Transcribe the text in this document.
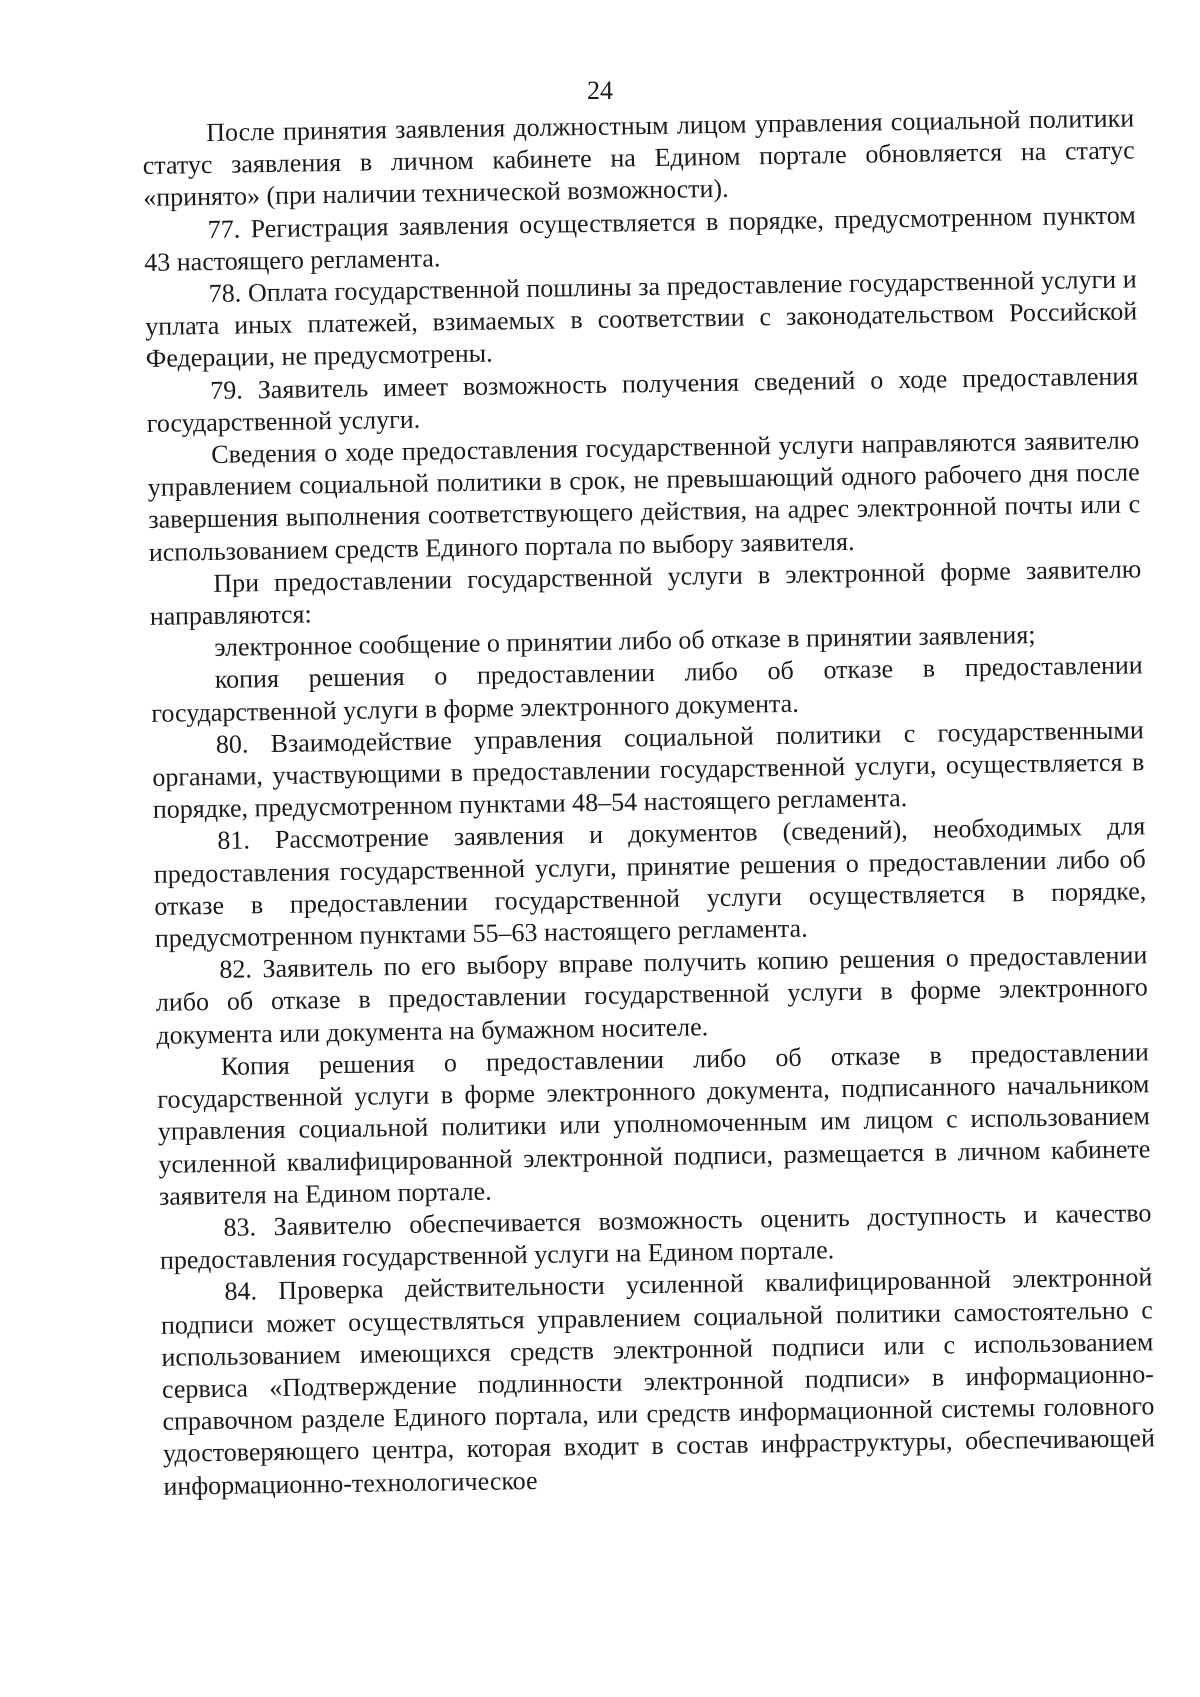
24

После принятия заявления должностным лицом управления социальной политики статус заявления в личном кабинете на Едином портале обновляется на статус «принято» (при наличии технической возможности).

77. Регистрация заявления осуществляется в порядке, предусмотренном пунктом 43 настоящего регламента.

78. Оплата государственной пошлины за предоставление государственной услуги и уплата иных платежей, взимаемых в соответствии с законодательством Российской Федерации, не предусмотрены.

79. Заявитель имеет возможность получения сведений о ходе предоставления государственной услуги.

Сведения о ходе предоставления государственной услуги направляются заявителю управлением социальной политики в срок, не превышающий одного рабочего дня после завершения выполнения соответствующего действия, на адрес электронной почты или с использованием средств Единого портала по выбору заявителя.

При предоставлении государственной услуги в электронной форме заявителю направляются:

электронное сообщение о принятии либо об отказе в принятии заявления;

копия решения о предоставлении либо об отказе в предоставлении государственной услуги в форме электронного документа.

80. Взаимодействие управления социальной политики с государственными органами, участвующими в предоставлении государственной услуги, осуществляется в порядке, предусмотренном пунктами 48–54 настоящего регламента.

81. Рассмотрение заявления и документов (сведений), необходимых для предоставления государственной услуги, принятие решения о предоставлении либо об отказе в предоставлении государственной услуги осуществляется в порядке, предусмотренном пунктами 55–63 настоящего регламента.

82. Заявитель по его выбору вправе получить копию решения о предоставлении либо об отказе в предоставлении государственной услуги в форме электронного документа или документа на бумажном носителе.

Копия решения о предоставлении либо об отказе в предоставлении государственной услуги в форме электронного документа, подписанного начальником управления социальной политики или уполномоченным им лицом с использованием усиленной квалифицированной электронной подписи, размещается в личном кабинете заявителя на Едином портале.

83. Заявителю обеспечивается возможность оценить доступность и качество предоставления государственной услуги на Едином портале.

84. Проверка действительности усиленной квалифицированной электронной подписи может осуществляться управлением социальной политики самостоятельно с использованием имеющихся средств электронной подписи или с использованием сервиса «Подтверждение подлинности электронной подписи» в информационно-справочном разделе Единого портала, или средств информационной системы головного удостоверяющего центра, которая входит в состав инфраструктуры, обеспечивающей информационно-технологическое
